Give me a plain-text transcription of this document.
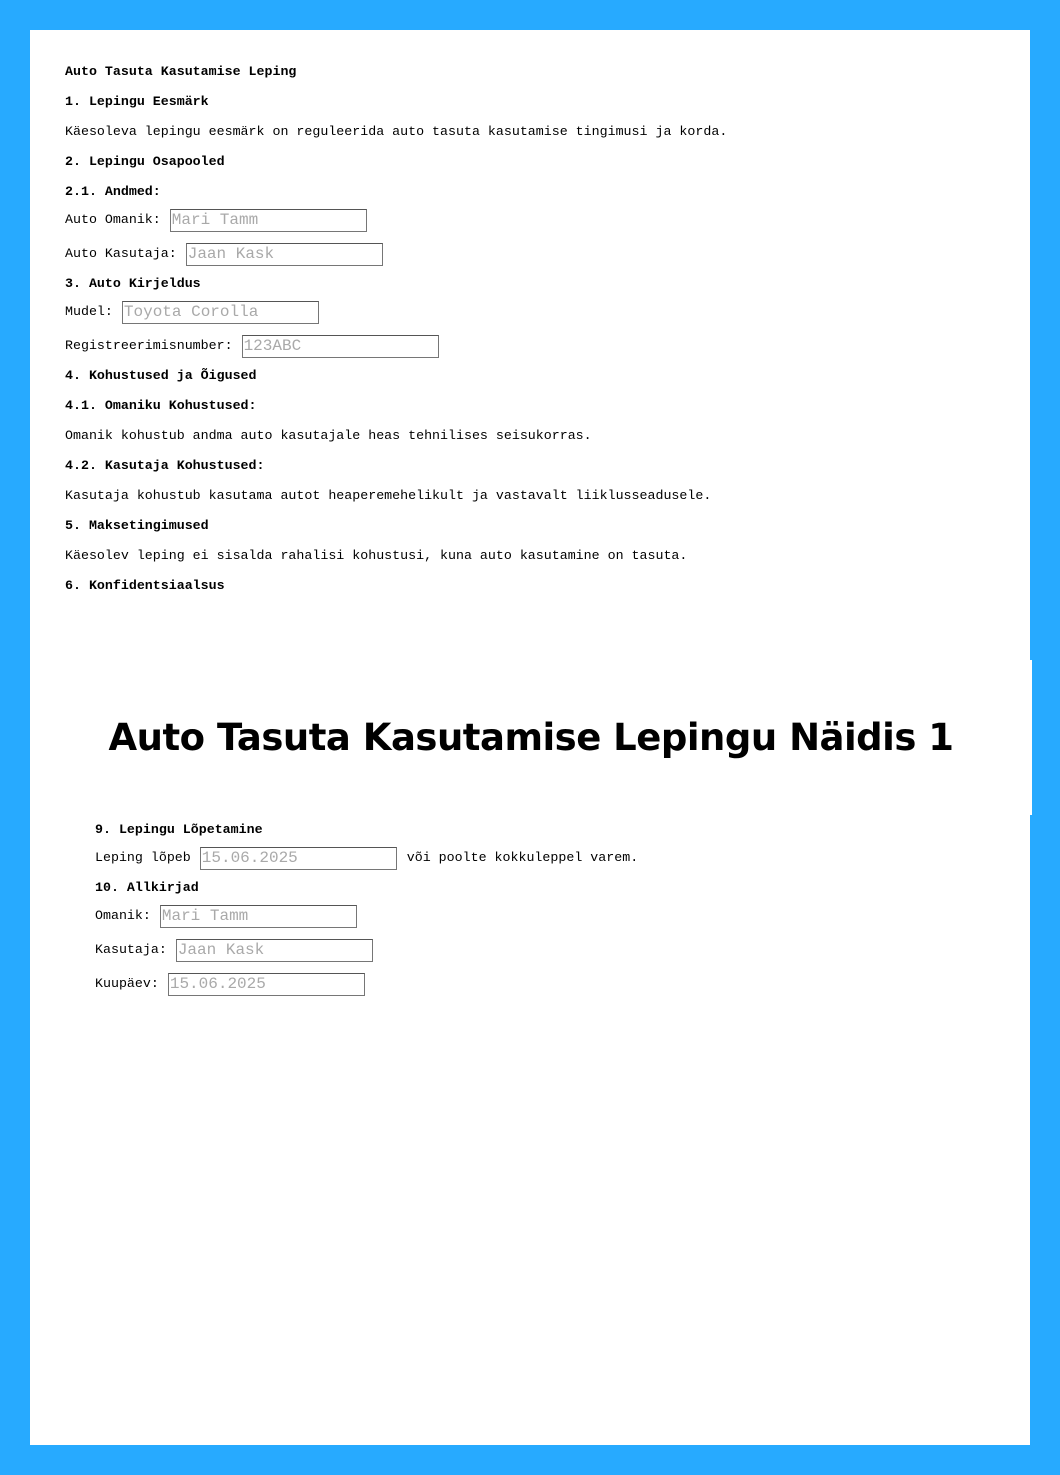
Auto Tasuta Kasutamise Leping
1. Lepingu Eesmärk
Käesoleva lepingu eesmärk on reguleerida auto tasuta kasutamise tingimusi ja korda.
2. Lepingu Osapooled
2.1. Andmed:
Auto Omanik: Mari Tamm
Auto Kasutaja: Jaan Kask
3. Auto Kirjeldus
Mudel: Toyota Corolla
Registreerimisnumber: 123ABC
4. Kohustused ja Õigused
4.1. Omaniku Kohustused:
Omanik kohustub andma auto kasutajale heas tehnilises seisukorras.
4.2. Kasutaja Kohustused:
Kasutaja kohustub kasutama autot heaperemehelikult ja vastavalt liiklusseadusele.
5. Maksetingimused
Käesolev leping ei sisalda rahalisi kohustusi, kuna auto kasutamine on tasuta.
6. Konfidentsiaalsus
Auto Tasuta Kasutamise Lepingu Näidis 1
9. Lepingu Lõpetamine
Leping lõpeb 15.06.2025	või poolte kokkuleppel varem.
10. Allkirjad
Omanik: Mari Tamm
Kasutaja: Jaan Kask
Kuupäev: 15.06.2025
